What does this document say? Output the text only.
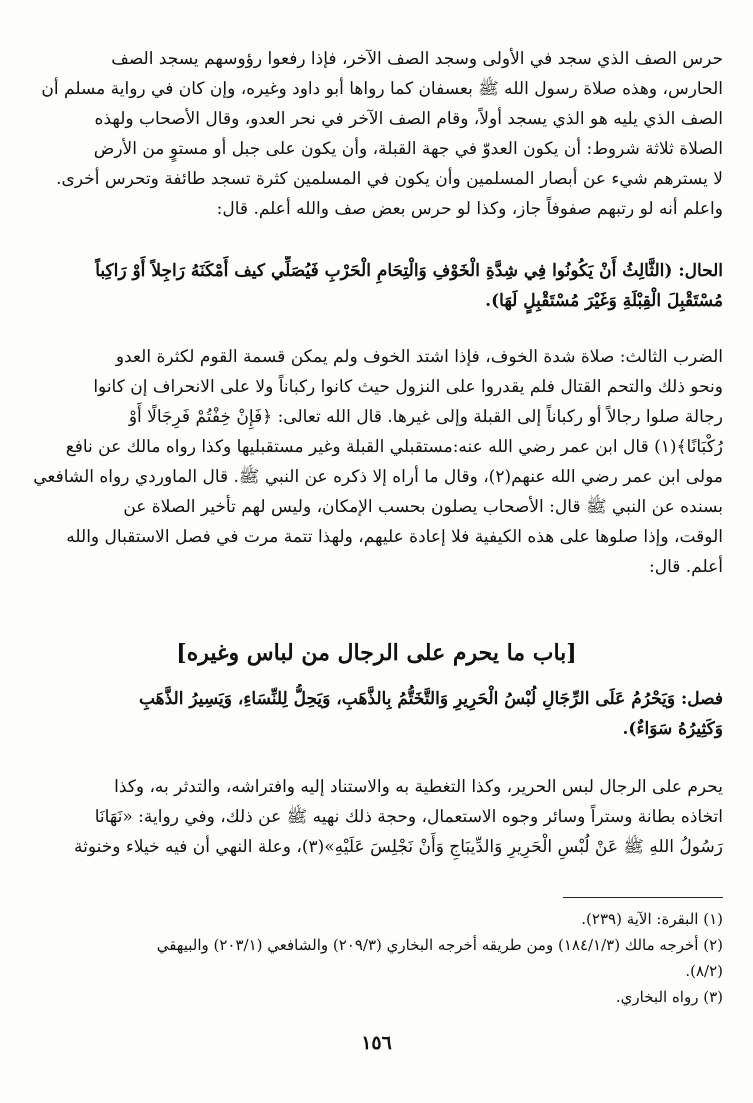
حرس الصف الذي سجد في الأولى وسجد الصف الآخر، فإذا رفعوا رؤوسهم يسجد الصف
الحارس، وهذه صلاة رسول الله ﷺ بعسفان كما رواها أبو داود وغيره، وإن كان في رواية مسلم أن
الصف الذي يليه هو الذي يسجد أولاً، وقام الصف الآخر في نحر العدو، وقال الأصحاب ولهذه
الصلاة ثلاثة شروط: أن يكون العدوّ في جهة القبلة، وأن يكون على جبل أو مستوٍ من الأرض
لا يسترهم شيء عن أبصار المسلمين وأن يكون في المسلمين كثرة تسجد طائفة وتحرس أخرى.
واعلم أنه لو رتبهم صفوفاً جاز، وكذا لو حرس بعض صف والله أعلم. قال:
الحال: (الثَّالِثُ أَنْ يَكُونُوا فِي شِدَّةِ الْخَوْفِ وَالْتِحَامِ الْحَرْبِ فَيُصَلِّي كيف أَمْكَنَهُ رَاجِلاً أَوْ رَاكِباً
مُسْتَقْبِلَ الْقِبْلَةِ وَغَيْرَ مُسْتَقْبِلٍ لَهَا).
الضرب الثالث: صلاة شدة الخوف، فإذا اشتد الخوف ولم يمكن قسمة القوم لكثرة العدو
ونحو ذلك والتحم القتال فلم يقدروا على النزول حيث كانوا ركباناً ولا على الانحراف إن كانوا
رجالة صلوا رجالاً أو ركباناً إلى القبلة وإلى غيرها. قال الله تعالى: ﴿فَإِنْ خِفْتُمْ فَرِجَالًا أَوْ
رُكْبَانًا﴾(١) قال ابن عمر رضي الله عنه:مستقبلي القبلة وغير مستقبليها وكذا رواه مالك عن نافع
مولى ابن عمر رضي الله عنهم(٢)، وقال ما أراه إلا ذكره عن النبي ﷺ. قال الماوردي رواه الشافعي
بسنده عن النبي ﷺ قال: الأصحاب يصلون بحسب الإمكان، وليس لهم تأخير الصلاة عن
الوقت، وإذا صلوها على هذه الكيفية فلا إعادة عليهم، ولهذا تتمة مرت في فصل الاستقبال والله
أعلم. قال:
[باب ما يحرم على الرجال من لباس وغيره]
فصل: وَيَحْرُمُ عَلَى الرِّجَالِ لُبْسُ الْحَرِيرِ وَالتَّخَتُّمُ بِالذَّهَبِ، وَيَحِلُّ لِلنِّسَاءِ، وَيَسِيرُ الذَّهَبِ
وَكَثِيرُهُ سَوَاءٌ).
يحرم على الرجال لبس الحرير، وكذا التغطية به والاستناد إليه وافتراشه، والتدثر به، وكذا
اتخاذه بطانة وستراً وسائر وجوه الاستعمال، وحجة ذلك نهيه ﷺ عن ذلك، وفي رواية: «نَهَانَا
رَسُولُ اللهِ ﷺ عَنْ لُبْسِ الْحَرِيرِ وَالدِّيبَاجِ وَأَنْ نَجْلِسَ عَلَيْهِ»(٣)، وعلة النهي أن فيه خيلاء وخنوثة
(١) البقرة: الآية (٢٣٩).
(٢) أخرجه مالك (١٨٤/١/٣) ومن طريقه أخرجه البخاري (٢٠٩/٣) والشافعي (٢٠٣/١) والبيهقي
(٨/٢).
(٣) رواه البخاري.
١٥٦
